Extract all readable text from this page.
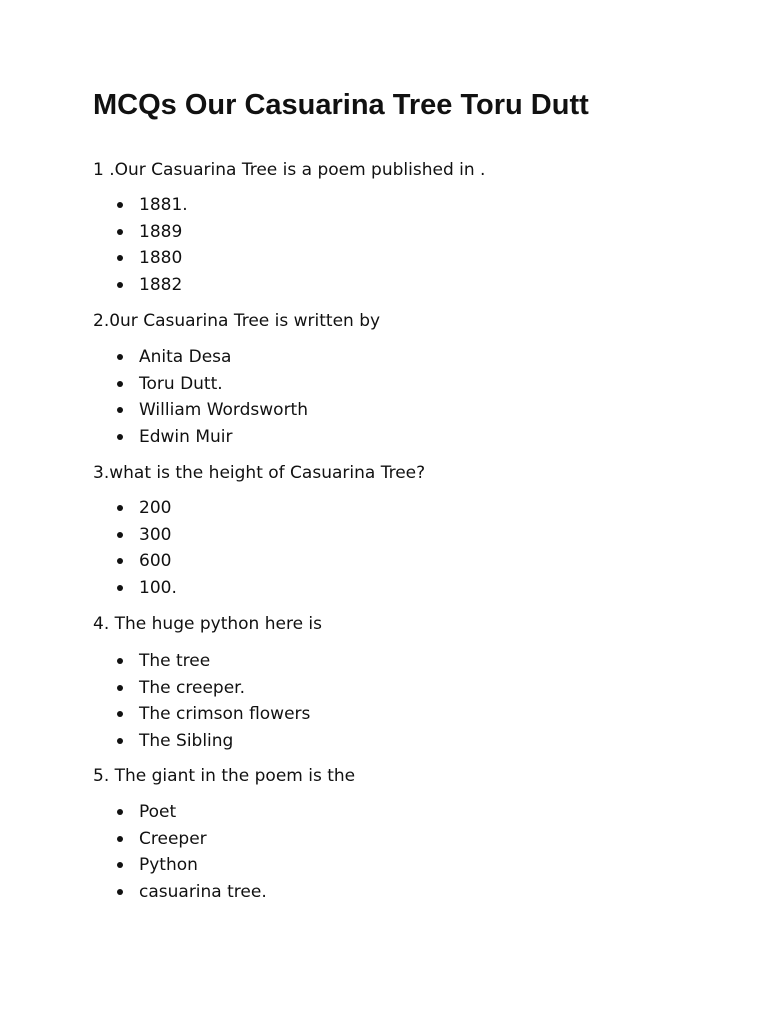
MCQs Our Casuarina Tree Toru Dutt

1 .Our Casuarina Tree is a poem published in .

1881.
1889
1880
1882

2.0ur Casuarina Tree is written by

Anita Desa
Toru Dutt.
William Wordsworth
Edwin Muir

3.what is the height of Casuarina Tree?

200
300
600
100.

4. The huge python here is

The tree
The creeper.
The crimson flowers
The Sibling

5. The giant in the poem is the

Poet
Creeper
Python
casuarina tree.
